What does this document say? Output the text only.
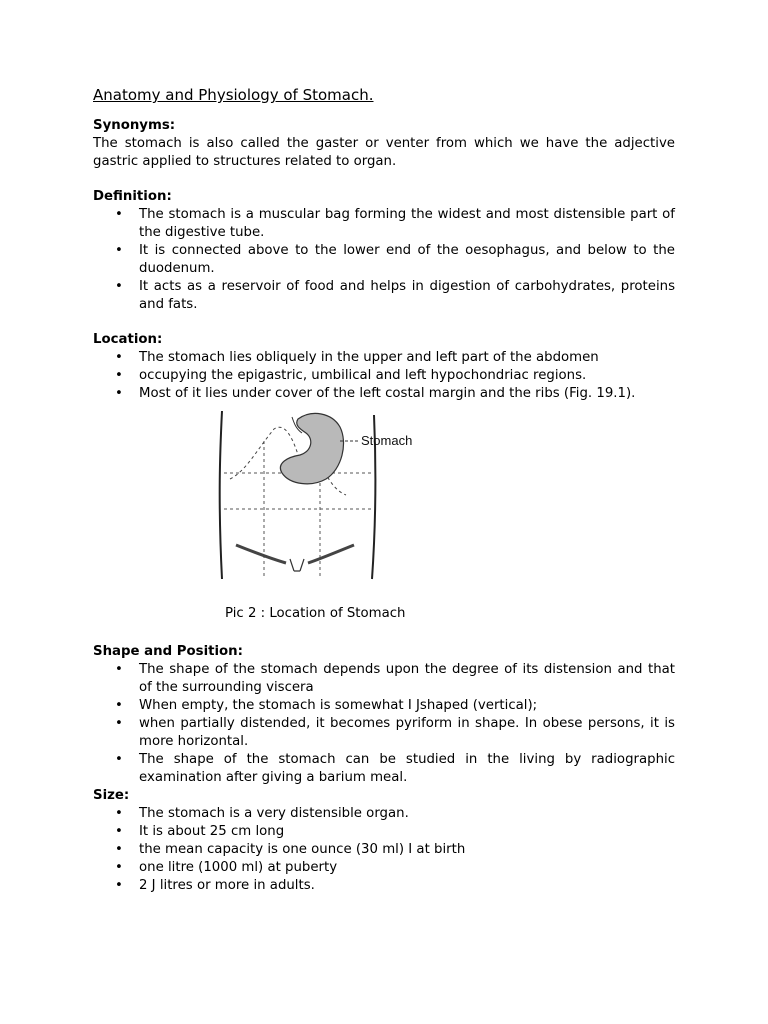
Anatomy and Physiology of Stomach.

Synonyms:

The stomach is also called the gaster or venter from which we have the adjective gastric applied to structures related to organ.

Definition:

• The stomach is a muscular bag forming the widest and most distensible part of the digestive tube.
• It is connected above to the lower end of the oesophagus, and below to the duodenum.
• It acts as a reservoir of food and helps in digestion of carbohydrates, proteins and fats.

Location:

• The stomach lies obliquely in the upper and left part of the abdomen
• occupying the epigastric, umbilical and left hypochondriac regions.
• Most of it lies under cover of the left costal margin and the ribs (Fig. 19.1).
Stomach
Pic 2 : Location of Stomach

Shape and Position:

• The shape of the stomach depends upon the degree of its distension and that of the surrounding viscera
• When empty, the stomach is somewhat I Jshaped (vertical);
• when partially distended, it becomes pyriform in shape. In obese persons, it is more horizontal.
• The shape of the stomach can be studied in the living by radiographic examination after giving a barium meal.

Size:

• The stomach is a very distensible organ.
• It is about 25 cm long
• the mean capacity is one ounce (30 ml) I at birth
• one litre (1000 ml) at puberty
• 2 J litres or more in adults.
